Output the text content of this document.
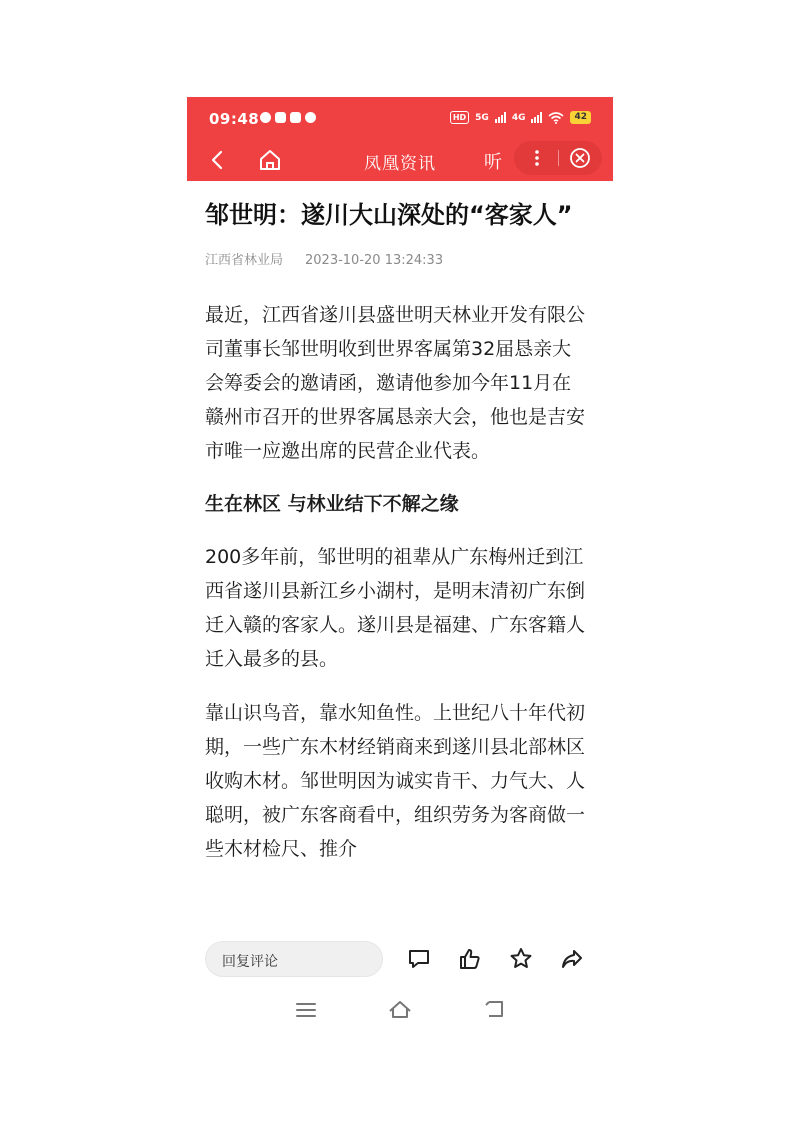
09:48	HD	5G	4G	42
凤凰资讯	听
邹世明：遂川大山深处的“客家人”
江西省林业局 2023-10-20 13:24:33

最近，江西省遂川县盛世明天林业开发有限公司董事长邹世明收到世界客属第32届恳亲大会筹委会的邀请函，邀请他参加今年11月在赣州市召开的世界客属恳亲大会，他也是吉安市唯一应邀出席的民营企业代表。

生在林区 与林业结下不解之缘

200多年前，邹世明的祖辈从广东梅州迁到江西省遂川县新江乡小湖村，是明末清初广东倒迁入赣的客家人。遂川县是福建、广东客籍人迁入最多的县。

靠山识鸟音，靠水知鱼性。上世纪八十年代初期，一些广东木材经销商来到遂川县北部林区收购木材。邹世明因为诚实肯干、力气大、人聪明，被广东客商看中，组织劳务为客商做一些木材检尺、推介

回复评论
